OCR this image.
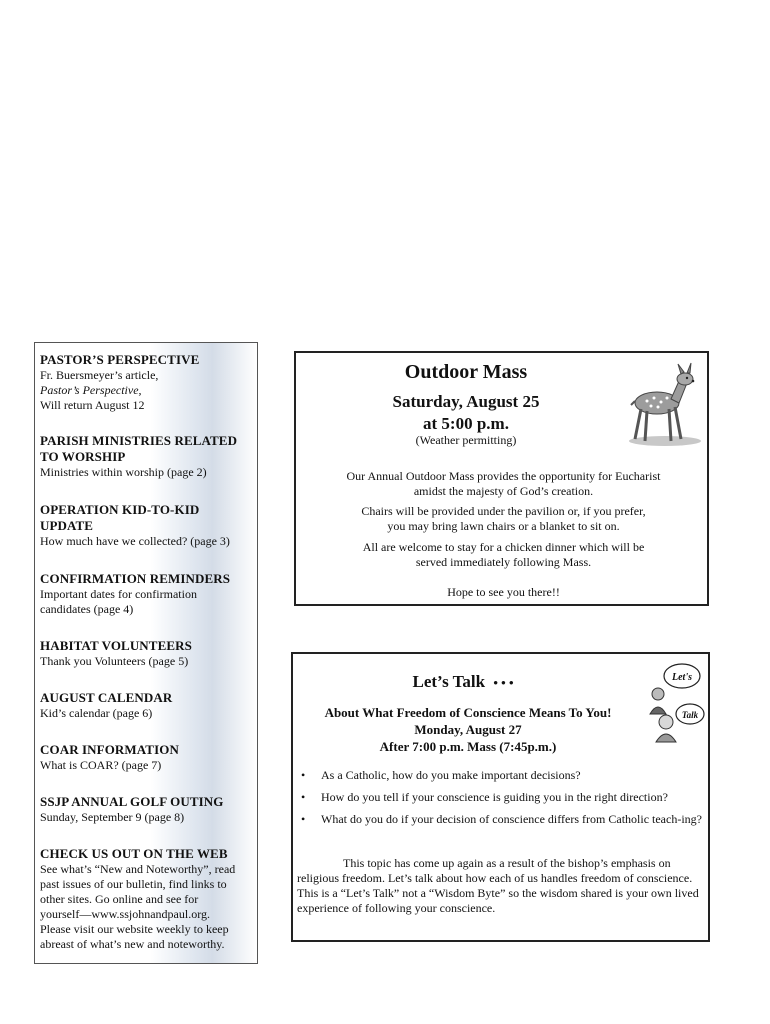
PASTOR’S PERSPECTIVE
Fr. Buersmeyer’s article,
Pastor’s Perspective,
Will return August 12
PARISH MINISTRIES RELATED
TO WORSHIP
Ministries within worship (page 2)
OPERATION KID-TO-KID
UPDATE
How much have we collected? (page 3)
CONFIRMATION REMINDERS
Important dates for confirmation
candidates (page 4)
HABITAT VOLUNTEERS
Thank you Volunteers (page 5)
AUGUST CALENDAR
Kid’s calendar (page 6)
COAR INFORMATION
What is COAR? (page 7)
SSJP ANNUAL GOLF OUTING
Sunday, September 9 (page 8)
CHECK US OUT ON THE WEB
See what’s “New and Noteworthy”, read
past issues of our bulletin, find links to
other sites. Go online and see for
yourself—www.ssjohnandpaul.org.
Please visit our website weekly to keep
abreast of what’s new and noteworthy.
Outdoor Mass
Saturday, August 25
at 5:00 p.m.
(Weather permitting)
Our Annual Outdoor Mass provides the opportunity for Eucharist
amidst the majesty of God’s creation.
Chairs will be provided under the pavilion or, if you prefer,
you may bring lawn chairs or a blanket to sit on.
All are welcome to stay for a chicken dinner which will be
served immediately following Mass.
Hope to see you there!!
Let’s Talk • • •
About What Freedom of Conscience Means To You!
Monday, August 27
After 7:00 p.m. Mass (7:45p.m.)
• As a Catholic, how do you make important decisions?
• How do you tell if your conscience is guiding you in the right direction?
• What do you do if your decision of conscience differs from Catholic teach-ing?
This topic has come up again as a result of the bishop’s emphasis on religious freedom. Let’s talk about how each of us handles freedom of conscience. This is a “Let’s Talk” not a “Wisdom Byte” so the wisdom shared is your own lived experience of following your conscience.
Let's
Talk
